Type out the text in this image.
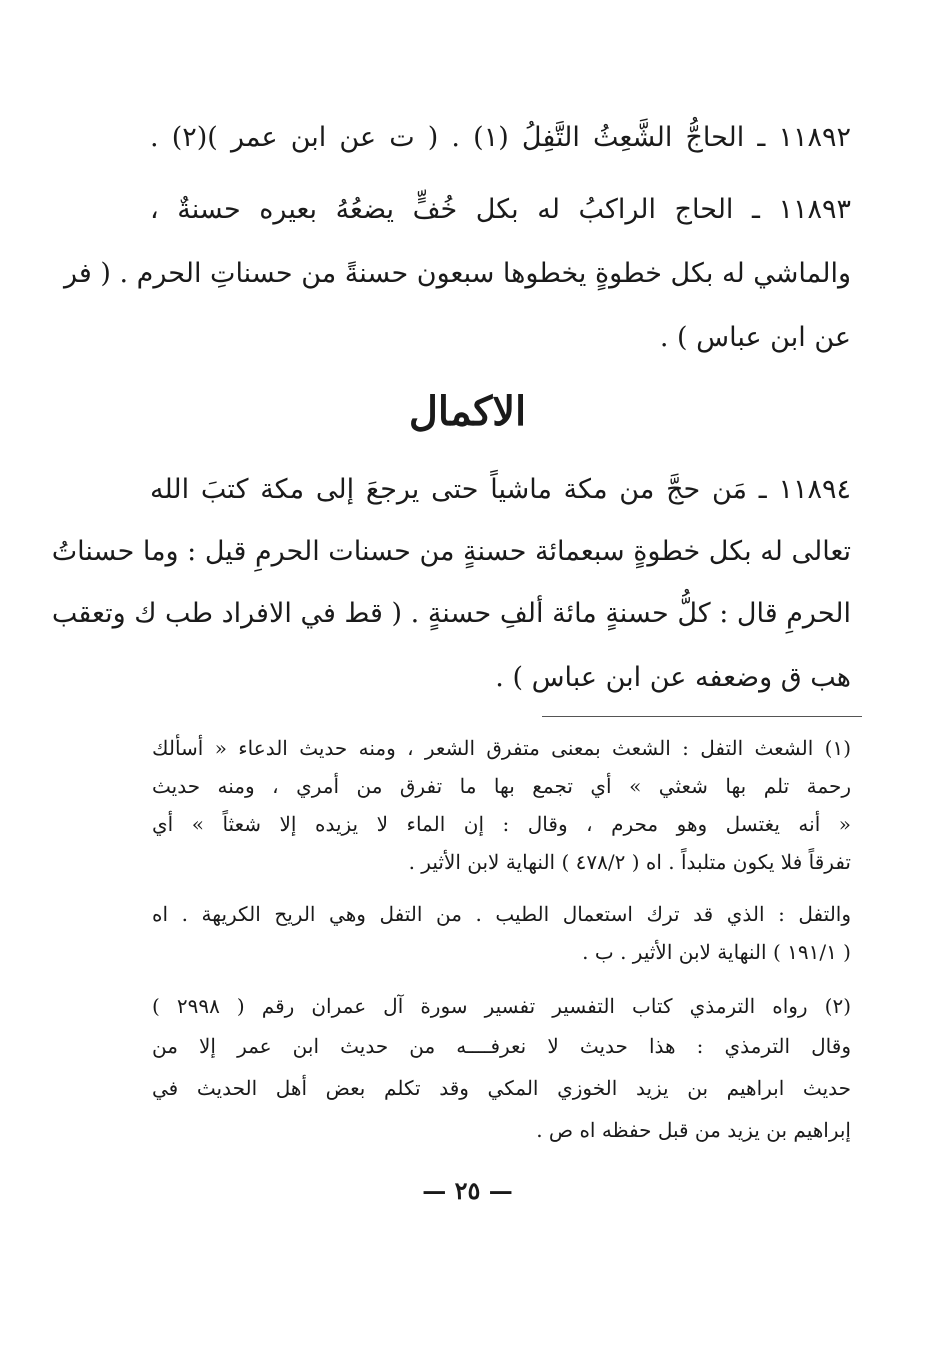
١١٨٩٢ ـ الحاجُّ الشَّعِثُ التَّفِلُ (١) . ( ت عن ابن عمر )(٢) .
١١٨٩٣ ـ الحاج الراكبُ له بكل خُفٍّ يضعُهُ بعيره حسنةٌ ،
والماشي له بكل خطوةٍ يخطوها سبعون حسنةً من حسناتِ الحرم . ( فر
عن ابن عباس ) .
الاكمال
١١٨٩٤ ـ مَن حجَّ من مكة ماشياً حتى يرجعَ إلى مكة كتبَ الله
تعالى له بكل خطوةٍ سبعمائة حسنةٍ من حسنات الحرمِ قيل : وما حسناتُ
الحرمِ قال : كلُّ حسنةٍ مائة ألفِ حسنةٍ . ( قط في الافراد طب ك وتعقب
هب ق وضعفه عن ابن عباس ) .
(١) الشعث التفل : الشعث بمعنى متفرق الشعر ، ومنه حديث الدعاء « أسألك
رحمة تلم بها شعثي » أي تجمع بها ما تفرق من أمري ، ومنه حديث
« أنه يغتسل وهو محرم ، وقال : إن الماء لا يزيده إلا شعثاً » أي
تفرقاً فلا يكون متلبداً . اه ( ٤٧٨/٢ ) النهاية لابن الأثير .
والتفل : الذي قد ترك استعمال الطيب . من التفل وهي الريح الكريهة . اه
( ١٩١/١ ) النهاية لابن الأثير . ب .
(٢) رواه الترمذي كتاب التفسير تفسير سورة آل عمران رقم ( ٢٩٩٨ )
وقال الترمذي : هذا حديث لا نعرفــــه من حديث ابن عمر إلا من
حديث ابراهيم بن يزيد الخوزي المكي وقد تكلم بعض أهل الحديث في
إبراهيم بن يزيد من قبل حفظه اه ص .
— ٢٥ —
